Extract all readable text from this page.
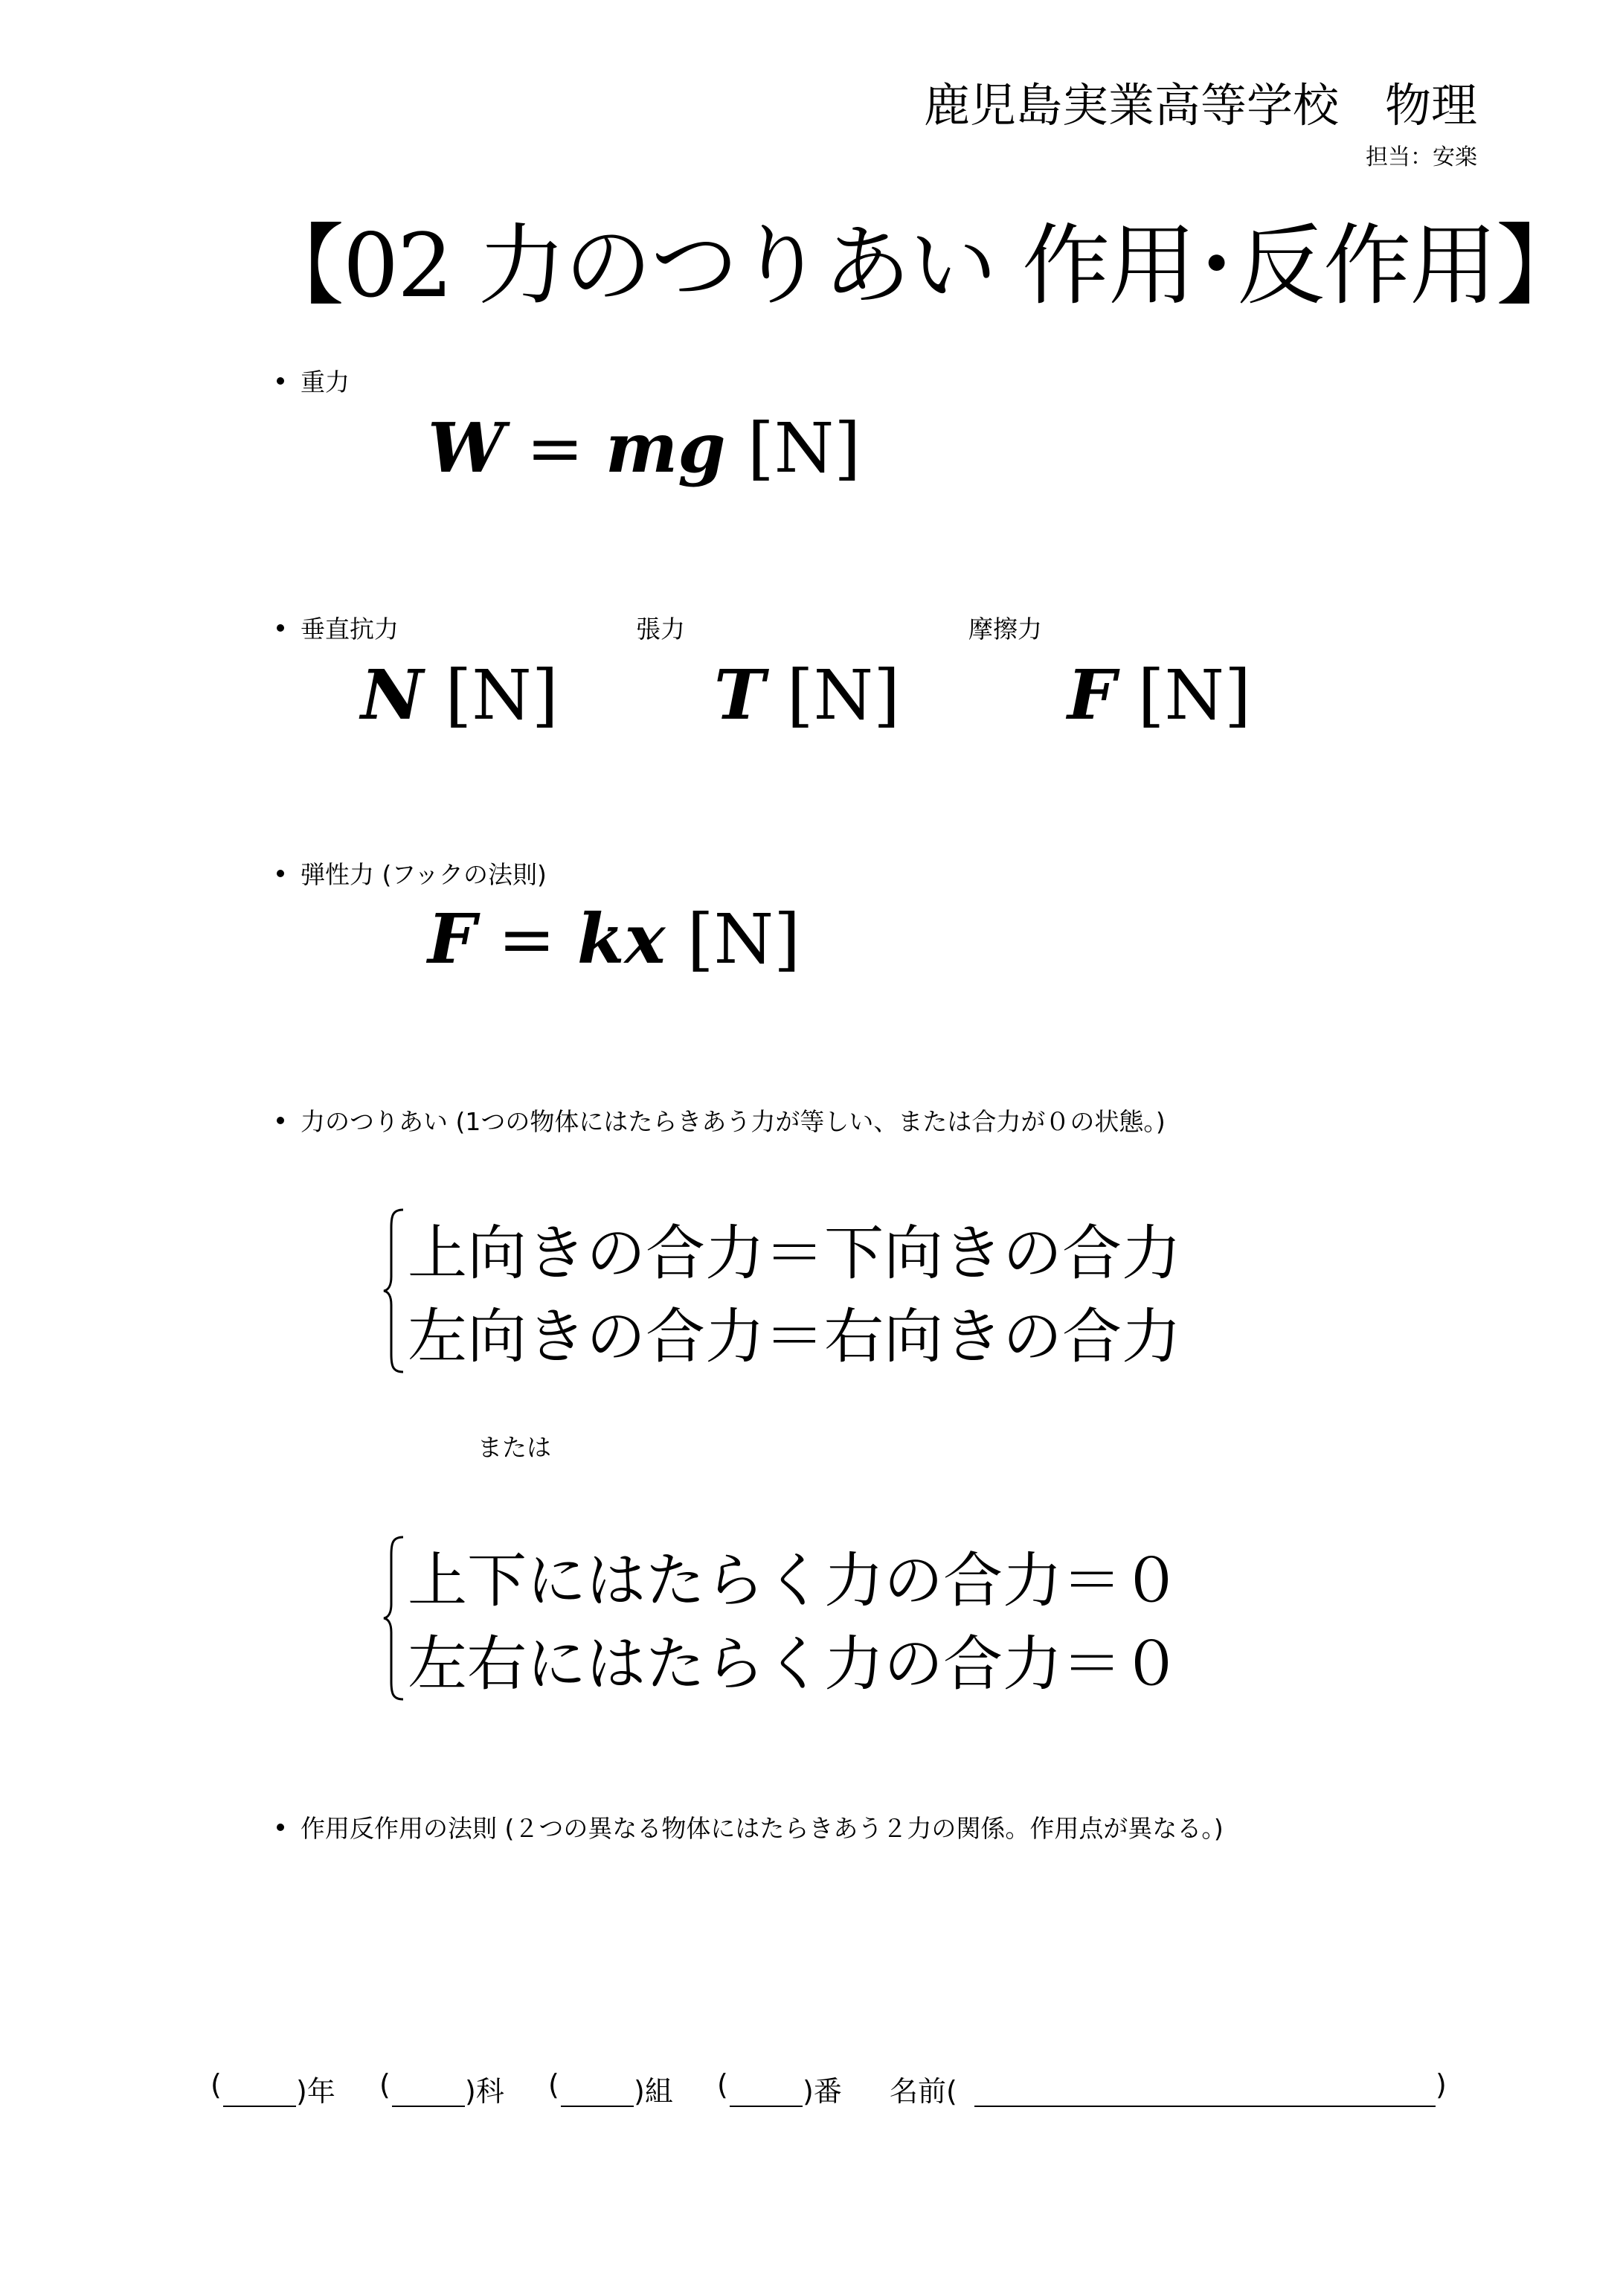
鹿児島実業高等学校　物理
担当：安楽
【02 力のつりあい 作用･反作用】
重力
W = mg [N]
垂直抗力	張力	摩擦力
N [N] T [N] F [N]
弾性力 (フックの法則)
F = kx [N]
力のつりあい (1つの物体にはたらきあう力が等しい、または合力が０の状態。)
上向きの合力＝下向きの合力
左向きの合力＝右向きの合力
または
上下にはたらく力の合力＝０
左右にはたらく力の合力＝０
作用反作用の法則 (２つの異なる物体にはたらきあう２力の関係。作用点が異なる。)
(	)年 (	)科 (	)組 (	)番 名前(	)
